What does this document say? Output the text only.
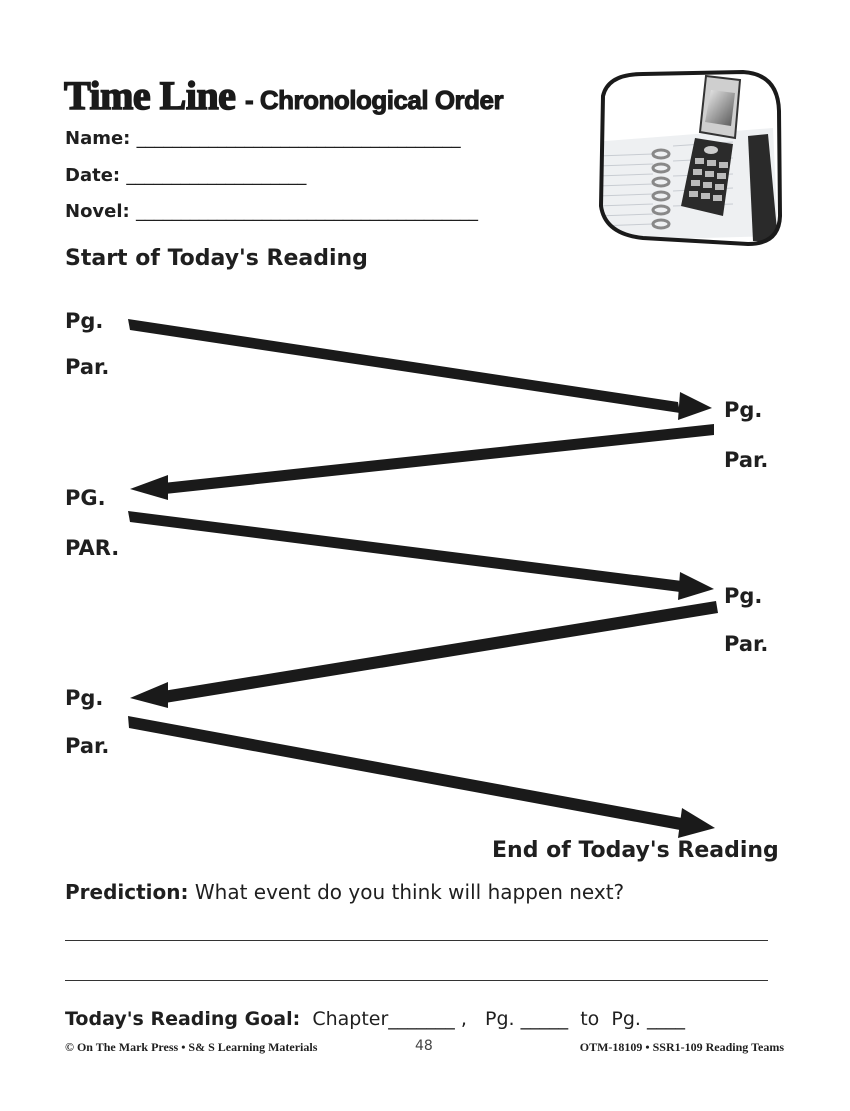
Time Line - Chronological Order
Name: ____________________________________
Date: ____________________
Novel: ______________________________________
Start of Today's Reading
Pg.
Par.
Pg.
Par.
PG.
PAR.
Pg.
Par.
Pg.
Par.
End of Today's Reading
Prediction: What event do you think will happen next?
Today's Reading Goal: Chapter_______ , Pg. _____ to Pg. ____
© On The Mark Press • S& S Learning Materials	48	OTM-18109 • SSR1-109 Reading Teams
